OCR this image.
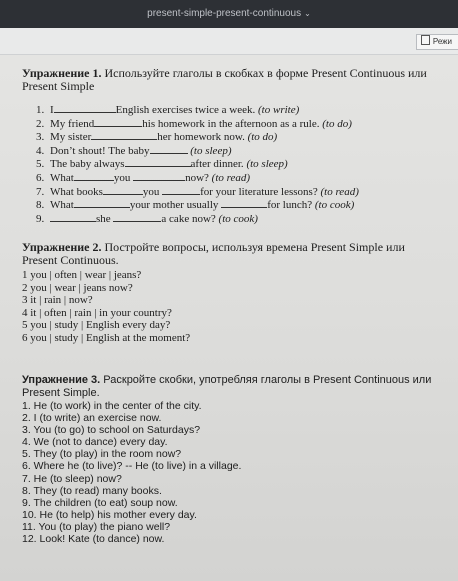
present-simple-present-continuous ⌄
Режи
Упражнение 1. Используйте глаголы в скобках в форме Present Continuous или Present Simple
1. I	English exercises twice a week. (to write)
2. My friend	his homework in the afternoon as a rule. (to do)
3. My sister	her homework now. (to do)
4. Don’t shout! The baby	(to sleep)
5. The baby always	after dinner. (to sleep)
6. What	you	now? (to read)
7. What books	you	for your literature lessons? (to read)
8. What	your mother usually	for lunch? (to cook)
9.	she	a cake now? (to cook)
Упражнение 2. Постройте вопросы, используя времена Present Simple или Present Continuous.
1 you | often | wear | jeans?
2 you | wear | jeans now?
3 it | rain | now?
4 it | often | rain | in your country?
5 you | study | English every day?
6 you | study | English at the moment?
Упражнение 3. Раскройте скобки, употребляя глаголы в Present Continuous или Present Simple.
1. He (to work) in the center of the city.
2. I (to write) an exercise now.
3. You (to go) to school on Saturdays?
4. We (not to dance) every day.
5. They (to play) in the room now?
6. Where he (to live)? -- He (to live) in a village.
7. He (to sleep) now?
8. They (to read) many books.
9. The children (to eat) soup now.
10. He (to help) his mother every day.
11. You (to play) the piano well?
12. Look! Kate (to dance) now.
